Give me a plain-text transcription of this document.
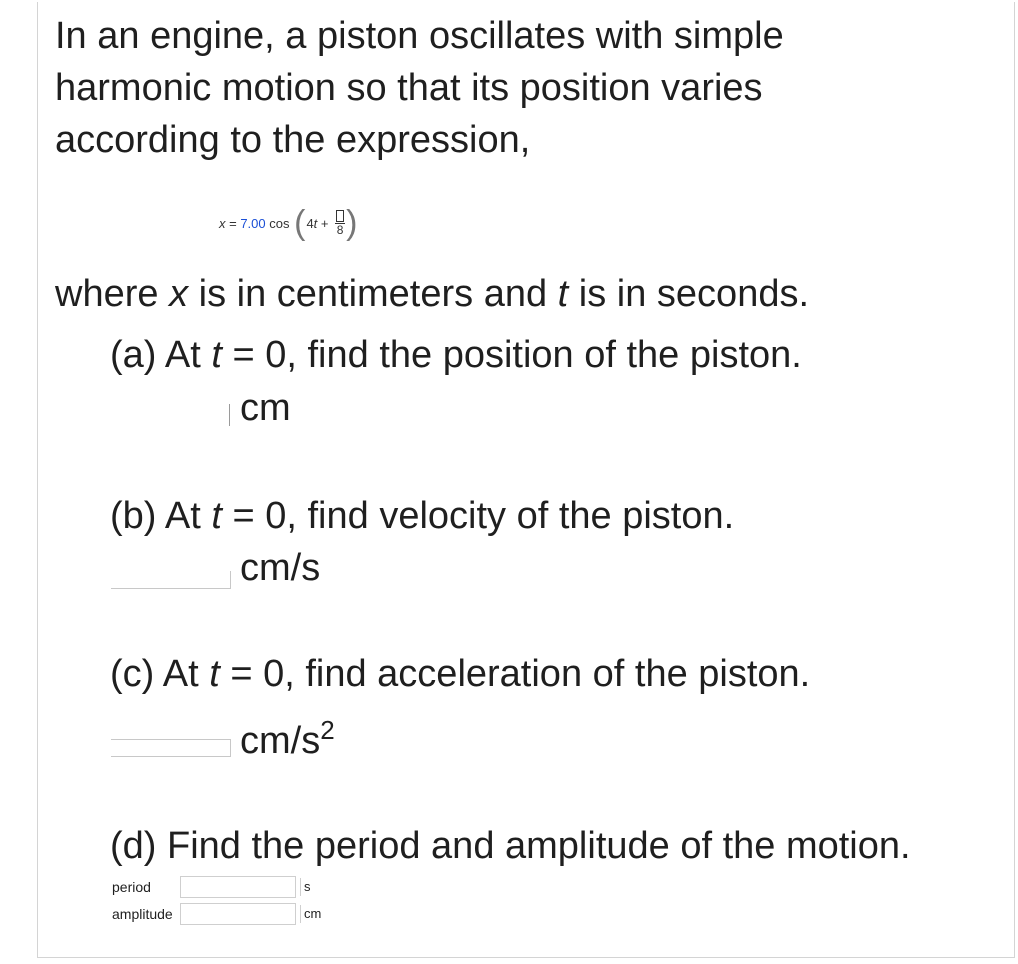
In an engine, a piston oscillates with simple
harmonic motion so that its position varies
according to the expression,
x = 7.00 cos ( 4 t + 8 )
where x is in centimeters and t is in seconds.
(a) At t = 0, find the position of the piston.
cm
(b) At t = 0, find velocity of the piston.
cm/s
(c) At t = 0, find acceleration of the piston.
$cm/s^2$
(d) Find the period and amplitude of the motion.
period	s
amplitude	cm
